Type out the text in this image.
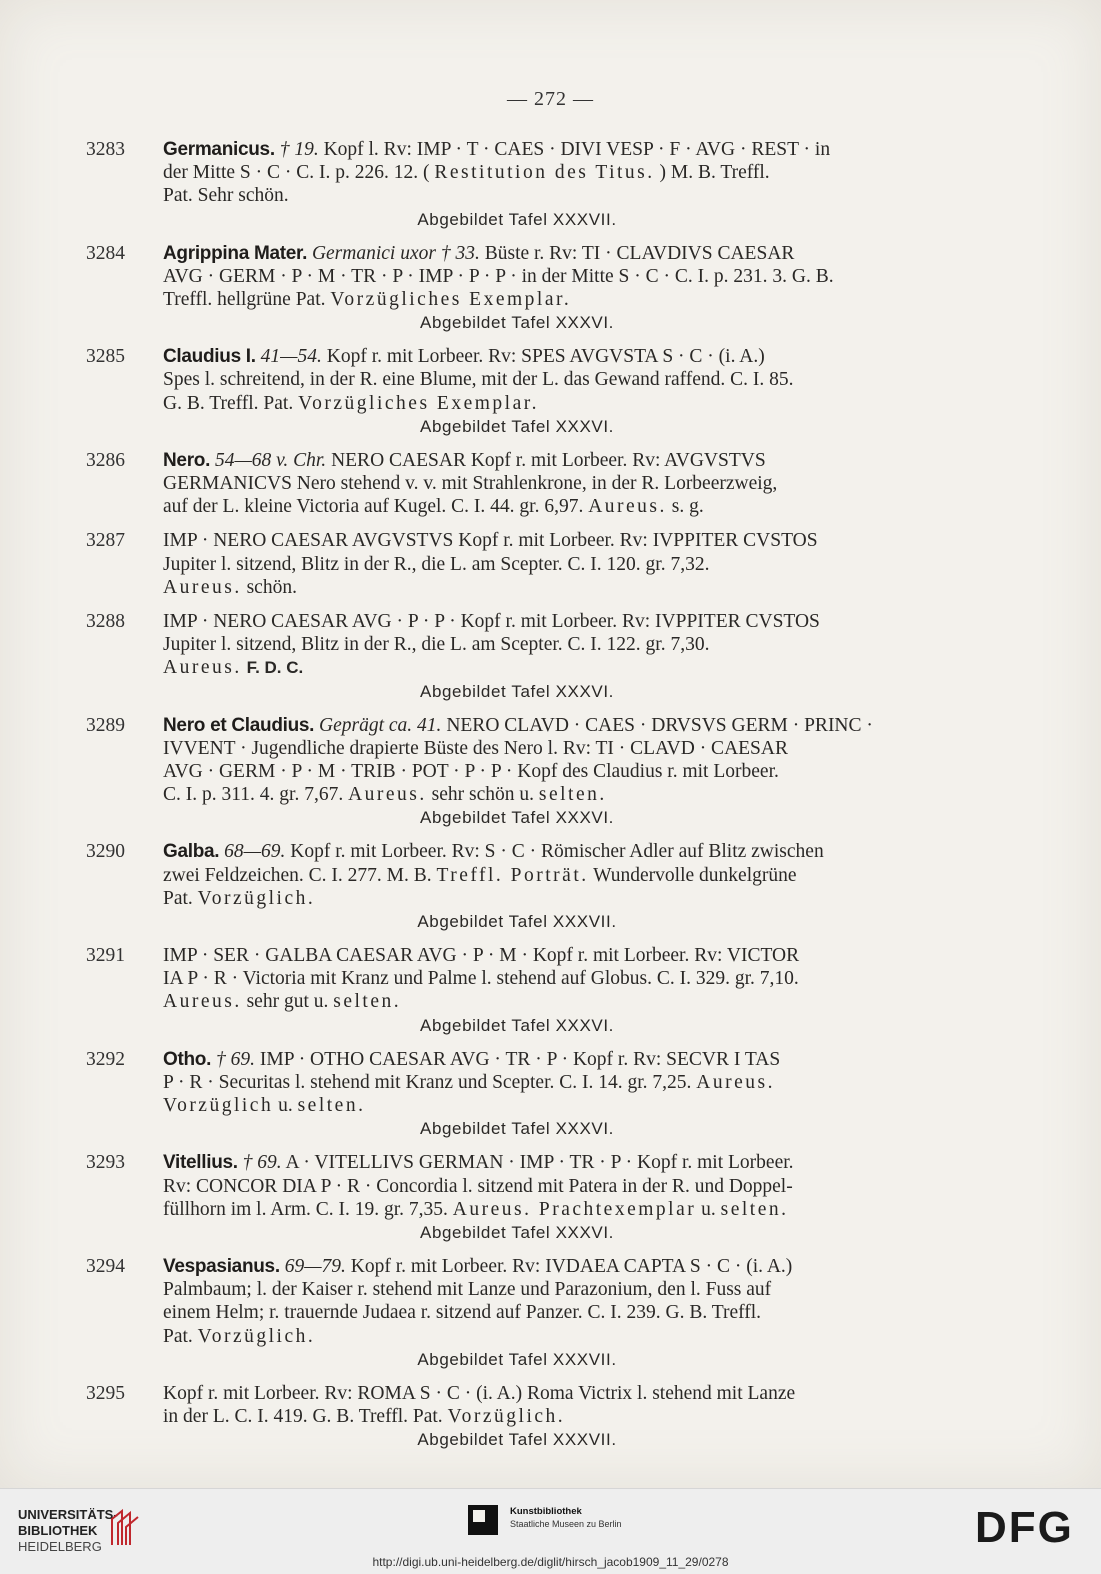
— 272 —
3283	Germanicus. † 19. Kopf l. Rv: IMP · T · CAES · DIVI VESP · F · AVG · REST · in
der Mitte S · C · C. I. p. 226. 12. ( Restitution des Titus. ) M. B. Treffl.
Pat. Sehr schön.
Abgebildet Tafel XXXVII.
3284	Agrippina Mater. Germanici uxor † 33. Büste r. Rv: TI · CLAVDIVS CAESAR
AVG · GERM · P · M · TR · P · IMP · P · P · in der Mitte S · C · C. I. p. 231. 3. G. B.
Treffl. hellgrüne Pat. Vorzügliches Exemplar.
Abgebildet Tafel XXXVI.
3285	Claudius I. 41—54. Kopf r. mit Lorbeer. Rv: SPES AVGVSTA S · C · (i. A.)
Spes l. schreitend, in der R. eine Blume, mit der L. das Gewand raffend. C. I. 85.
G. B. Treffl. Pat. Vorzügliches Exemplar.
Abgebildet Tafel XXXVI.
3286	Nero. 54—68 v. Chr. NERO CAESAR Kopf r. mit Lorbeer. Rv: AVGVSTVS
GERMANICVS Nero stehend v. v. mit Strahlenkrone, in der R. Lorbeerzweig,
auf der L. kleine Victoria auf Kugel. C. I. 44. gr. 6,97. Aureus. s. g.
3287	IMP · NERO CAESAR AVGVSTVS Kopf r. mit Lorbeer. Rv: IVPPITER CVSTOS
Jupiter l. sitzend, Blitz in der R., die L. am Scepter. C. I. 120. gr. 7,32.
Aureus. schön.
3288	IMP · NERO CAESAR AVG · P · P · Kopf r. mit Lorbeer. Rv: IVPPITER CVSTOS
Jupiter l. sitzend, Blitz in der R., die L. am Scepter. C. I. 122. gr. 7,30.
Aureus. F. D. C.
Abgebildet Tafel XXXVI.
3289	Nero et Claudius. Geprägt ca. 41. NERO CLAVD · CAES · DRVSVS GERM · PRINC ·
IVVENT · Jugendliche drapierte Büste des Nero l. Rv: TI · CLAVD · CAESAR
AVG · GERM · P · M · TRIB · POT · P · P · Kopf des Claudius r. mit Lorbeer.
C. I. p. 311. 4. gr. 7,67. Aureus. sehr schön u. selten.
Abgebildet Tafel XXXVI.
3290	Galba. 68—69. Kopf r. mit Lorbeer. Rv: S · C · Römischer Adler auf Blitz zwischen
zwei Feldzeichen. C. I. 277. M. B. Treffl. Porträt. Wundervolle dunkelgrüne
Pat. Vorzüglich.
Abgebildet Tafel XXXVII.
3291	IMP · SER · GALBA CAESAR AVG · P · M · Kopf r. mit Lorbeer. Rv: VICTOR
IA P · R · Victoria mit Kranz und Palme l. stehend auf Globus. C. I. 329. gr. 7,10.
Aureus. sehr gut u. selten.
Abgebildet Tafel XXXVI.
3292	Otho. † 69. IMP · OTHO CAESAR AVG · TR · P · Kopf r. Rv: SECVR I TAS
P · R · Securitas l. stehend mit Kranz und Scepter. C. I. 14. gr. 7,25. Aureus.
Vorzüglich u. selten.
Abgebildet Tafel XXXVI.
3293	Vitellius. † 69. A · VITELLIVS GERMAN · IMP · TR · P · Kopf r. mit Lorbeer.
Rv: CONCOR DIA P · R · Concordia l. sitzend mit Patera in der R. und Doppel-
füllhorn im l. Arm. C. I. 19. gr. 7,35. Aureus. Prachtexemplar u. selten.
Abgebildet Tafel XXXVI.
3294	Vespasianus. 69—79. Kopf r. mit Lorbeer. Rv: IVDAEA CAPTA S · C · (i. A.)
Palmbaum; l. der Kaiser r. stehend mit Lanze und Parazonium, den l. Fuss auf
einem Helm; r. trauernde Judaea r. sitzend auf Panzer. C. I. 239. G. B. Treffl.
Pat. Vorzüglich.
Abgebildet Tafel XXXVII.
3295	Kopf r. mit Lorbeer. Rv: ROMA S · C · (i. A.) Roma Victrix l. stehend mit Lanze
in der L. C. I. 419. G. B. Treffl. Pat. Vorzüglich.
Abgebildet Tafel XXXVII.
UNIVERSITÄTS-
BIBLIOTHEK
HEIDELBERG
Kunstbibliothek
Staatliche Museen zu Berlin	DFG
http://digi.ub.uni-heidelberg.de/diglit/hirsch_jacob1909_11_29/0278
